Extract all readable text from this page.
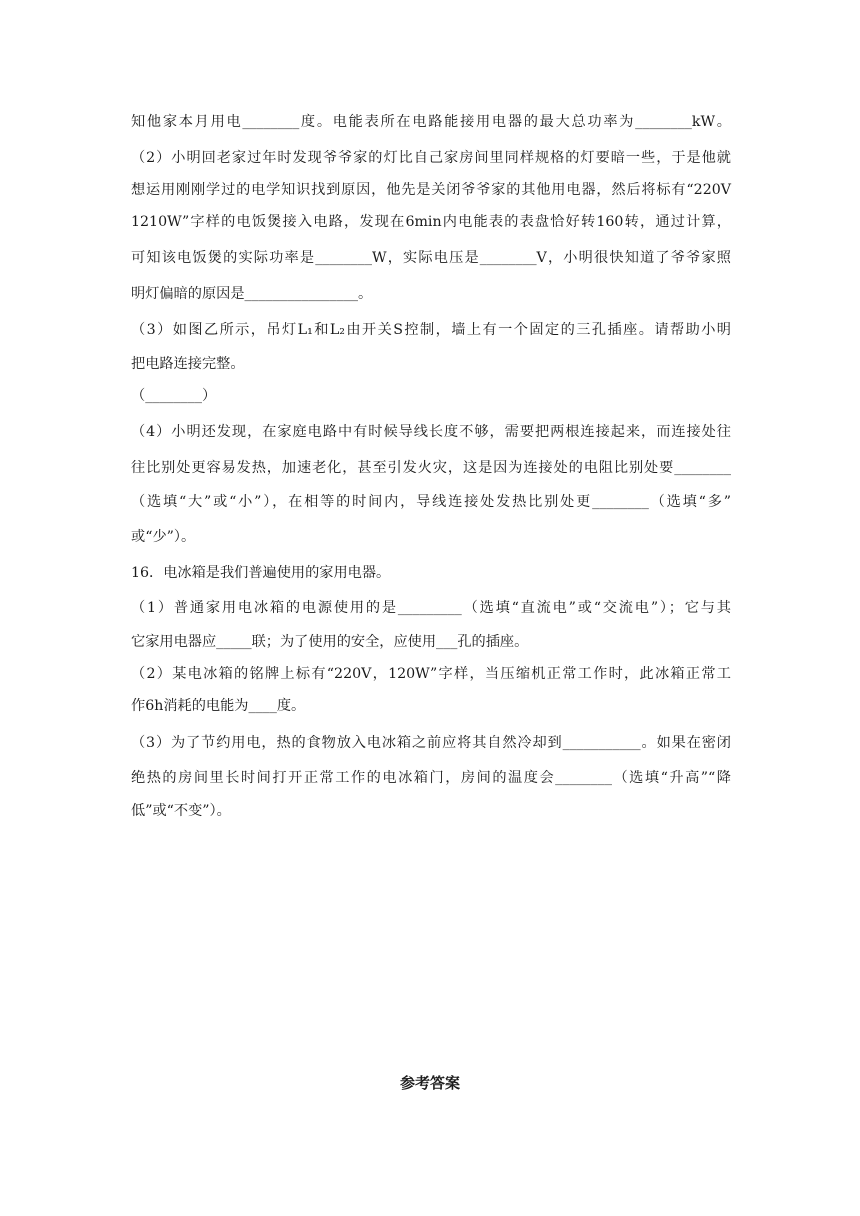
知他家本月用电________度。电能表所在电路能接用电器的最大总功率为________kW。
（2）小明回老家过年时发现爷爷家的灯比自己家房间里同样规格的灯要暗一些，于是他就
想运用刚刚学过的电学知识找到原因，他先是关闭爷爷家的其他用电器，然后将标有“220V
1210W”字样的电饭煲接入电路，发现在6min内电能表的表盘恰好转160转，通过计算，
可知该电饭煲的实际功率是________W，实际电压是________V，小明很快知道了爷爷家照
明灯偏暗的原因是________________。
（3）如图乙所示，吊灯L₁和L₂由开关S控制，墙上有一个固定的三孔插座。请帮助小明
把电路连接完整。
（________）
（4）小明还发现，在家庭电路中有时候导线长度不够，需要把两根连接起来，而连接处往
往比别处更容易发热，加速老化，甚至引发火灾，这是因为连接处的电阻比别处要________
（选填“大”或“小”），在相等的时间内，导线连接处发热比别处更________（选填“多”
或“少”）。
16．电冰箱是我们普遍使用的家用电器。
（1）普通家用电冰箱的电源使用的是_________（选填“直流电”或“交流电”）；它与其
它家用电器应_____联；为了使用的安全，应使用___孔的插座。
（2）某电冰箱的铭牌上标有“220V，120W”字样，当压缩机正常工作时，此冰箱正常工
作6h消耗的电能为____度。
（3）为了节约用电，热的食物放入电冰箱之前应将其自然冷却到___________。如果在密闭
绝热的房间里长时间打开正常工作的电冰箱门，房间的温度会________（选填“升高”“降
低”或“不变”）。
参考答案
